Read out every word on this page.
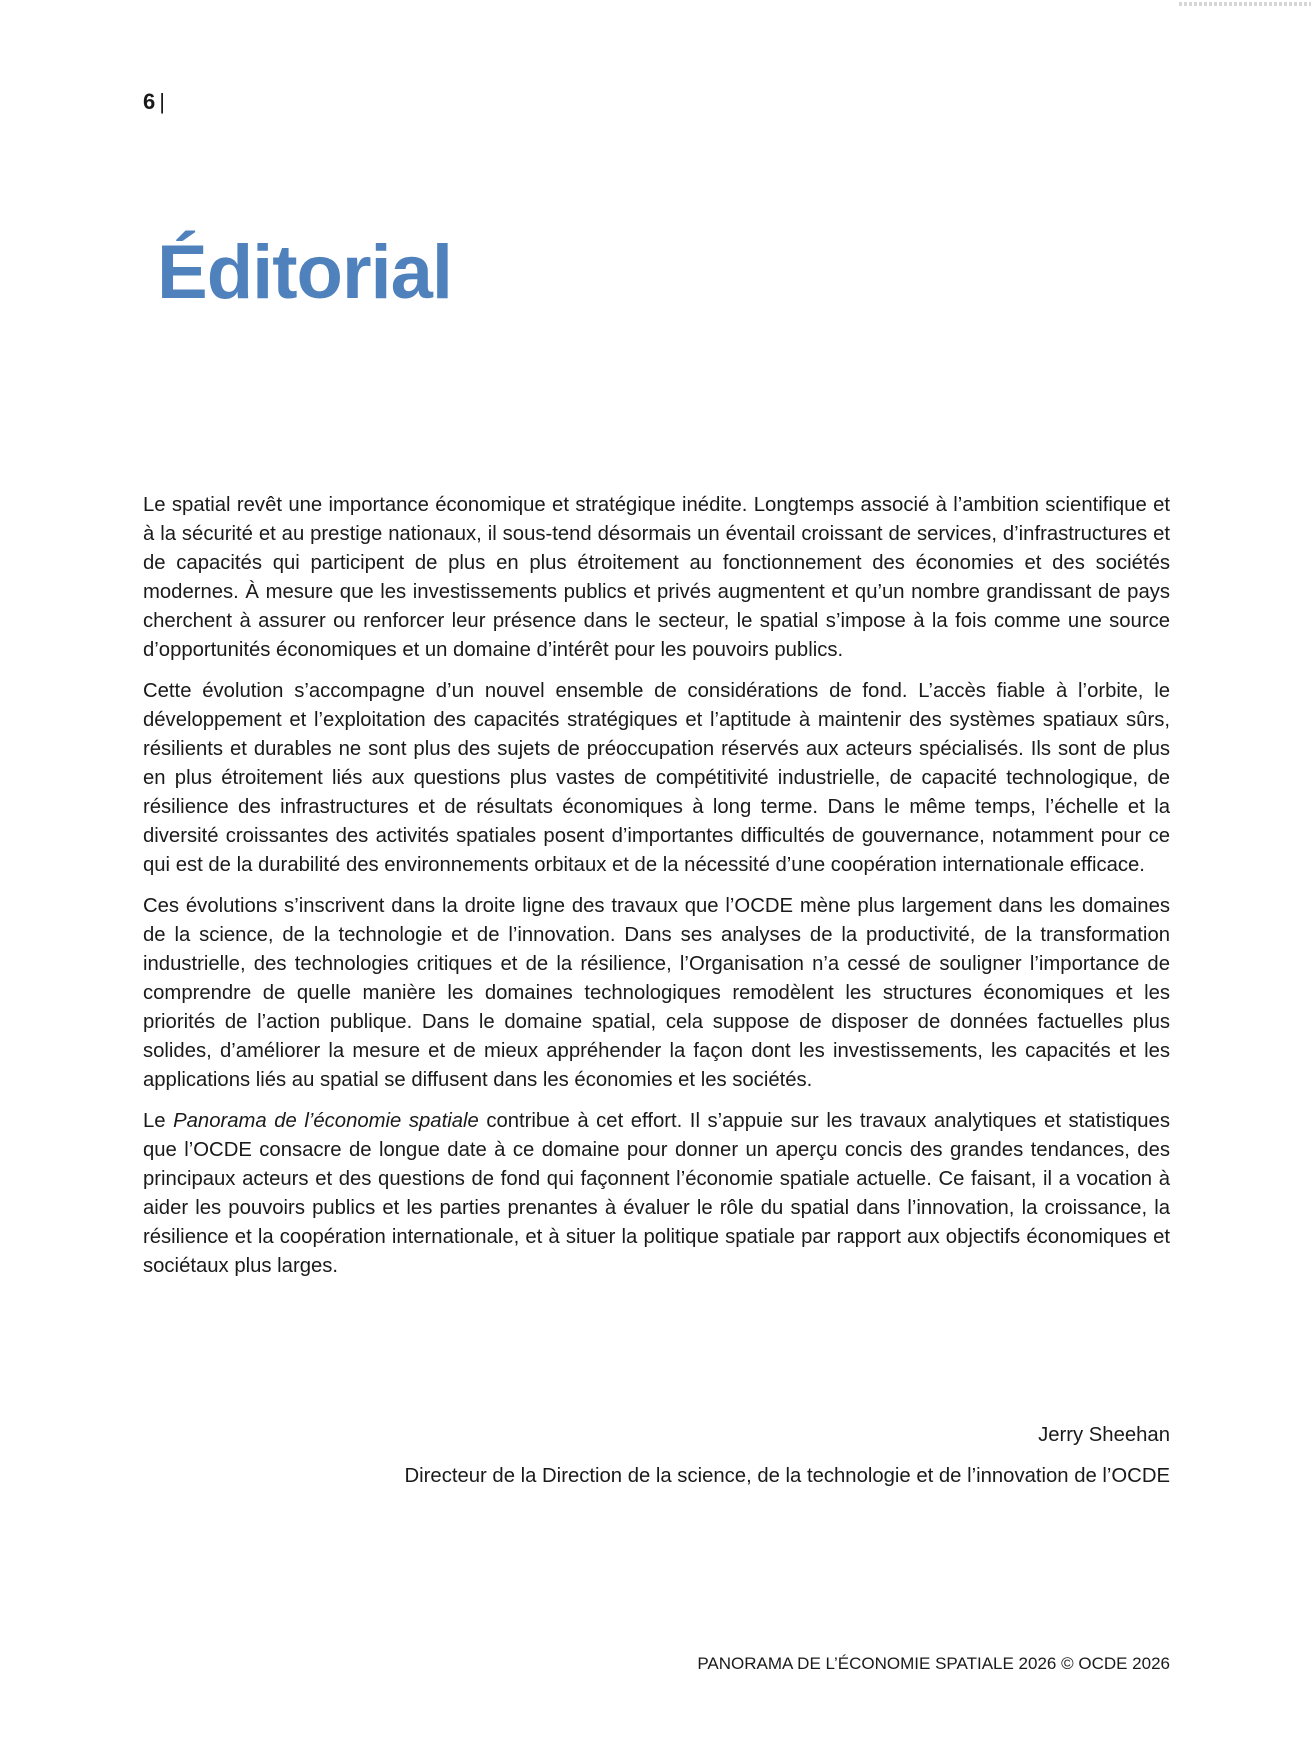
6 |
Éditorial

Le spatial revêt une importance économique et stratégique inédite. Longtemps associé à l’ambition scientifique et à la sécurité et au prestige nationaux, il sous-tend désormais un éventail croissant de services, d’infrastructures et de capacités qui participent de plus en plus étroitement au fonctionnement des économies et des sociétés modernes. À mesure que les investissements publics et privés augmentent et qu’un nombre grandissant de pays cherchent à assurer ou renforcer leur présence dans le secteur, le spatial s’impose à la fois comme une source d’opportunités économiques et un domaine d’intérêt pour les pouvoirs publics.

Cette évolution s’accompagne d’un nouvel ensemble de considérations de fond. L’accès fiable à l’orbite, le développement et l’exploitation des capacités stratégiques et l’aptitude à maintenir des systèmes spatiaux sûrs, résilients et durables ne sont plus des sujets de préoccupation réservés aux acteurs spécialisés. Ils sont de plus en plus étroitement liés aux questions plus vastes de compétitivité industrielle, de capacité technologique, de résilience des infrastructures et de résultats économiques à long terme. Dans le même temps, l’échelle et la diversité croissantes des activités spatiales posent d’importantes difficultés de gouvernance, notamment pour ce qui est de la durabilité des environnements orbitaux et de la nécessité d’une coopération internationale efficace.

Ces évolutions s’inscrivent dans la droite ligne des travaux que l’OCDE mène plus largement dans les domaines de la science, de la technologie et de l’innovation. Dans ses analyses de la productivité, de la transformation industrielle, des technologies critiques et de la résilience, l’Organisation n’a cessé de souligner l’importance de comprendre de quelle manière les domaines technologiques remodèlent les structures économiques et les priorités de l’action publique. Dans le domaine spatial, cela suppose de disposer de données factuelles plus solides, d’améliorer la mesure et de mieux appréhender la façon dont les investissements, les capacités et les applications liés au spatial se diffusent dans les économies et les sociétés.

Le Panorama de l’économie spatiale contribue à cet effort. Il s’appuie sur les travaux analytiques et statistiques que l’OCDE consacre de longue date à ce domaine pour donner un aperçu concis des grandes tendances, des principaux acteurs et des questions de fond qui façonnent l’économie spatiale actuelle. Ce faisant, il a vocation à aider les pouvoirs publics et les parties prenantes à évaluer le rôle du spatial dans l’innovation, la croissance, la résilience et la coopération internationale, et à situer la politique spatiale par rapport aux objectifs économiques et sociétaux plus larges.

Jerry Sheehan
Directeur de la Direction de la science, de la technologie et de l’innovation de l’OCDE
PANORAMA DE L’ÉCONOMIE SPATIALE 2026 © OCDE 2026
